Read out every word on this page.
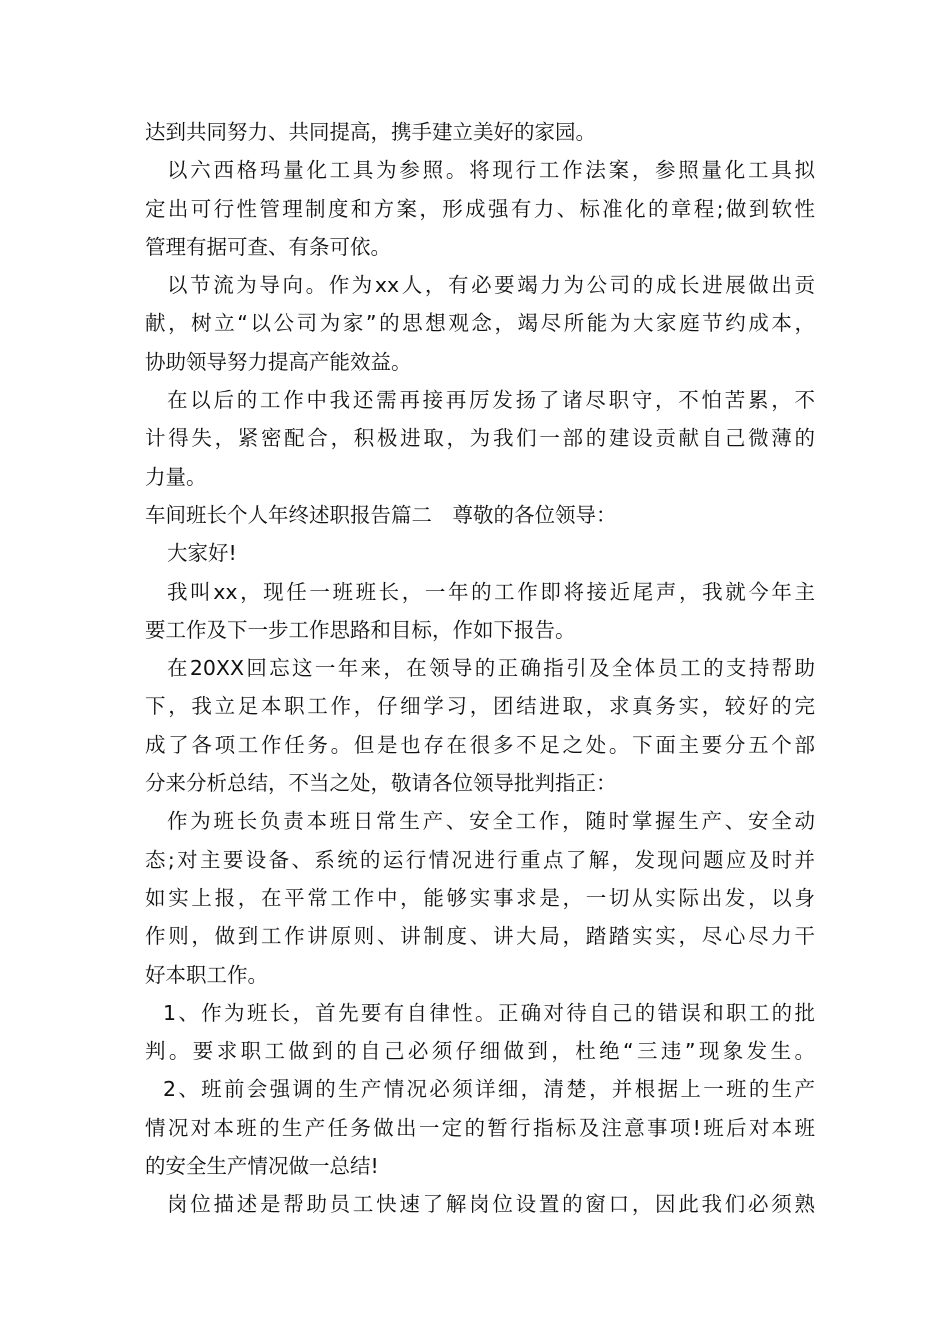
达到共同努力、共同提高，携手建立美好的家园。
以六西格玛量化工具为参照。将现行工作法案，参照量化工具拟
定出可行性管理制度和方案，形成强有力、标准化的章程;做到软性
管理有据可查、有条可依。
以节流为导向。作为xx人，有必要竭力为公司的成长进展做出贡
献，树立“以公司为家”的思想观念，竭尽所能为大家庭节约成本，
协助领导努力提高产能效益。
在以后的工作中我还需再接再厉发扬了诸尽职守，不怕苦累，不
计得失，紧密配合，积极进取，为我们一部的建设贡献自己微薄的
力量。
车间班长个人年终述职报告篇二　尊敬的各位领导：
大家好!
我叫xx，现任一班班长，一年的工作即将接近尾声，我就今年主
要工作及下一步工作思路和目标，作如下报告。
在20XX回忘这一年来，在领导的正确指引及全体员工的支持帮助
下，我立足本职工作，仔细学习，团结进取，求真务实，较好的完
成了各项工作任务。但是也存在很多不足之处。下面主要分五个部
分来分析总结，不当之处，敬请各位领导批判指正：
作为班长负责本班日常生产、安全工作，随时掌握生产、安全动
态;对主要设备、系统的运行情况进行重点了解，发现问题应及时并
如实上报，在平常工作中，能够实事求是，一切从实际出发，以身
作则，做到工作讲原则、讲制度、讲大局，踏踏实实，尽心尽力干
好本职工作。
1、作为班长，首先要有自律性。正确对待自己的错误和职工的批
判。要求职工做到的自己必须仔细做到，杜绝“三违”现象发生。
2、班前会强调的生产情况必须详细，清楚，并根据上一班的生产
情况对本班的生产任务做出一定的暂行指标及注意事项!班后对本班
的安全生产情况做一总结!
岗位描述是帮助员工快速了解岗位设置的窗口，因此我们必须熟
